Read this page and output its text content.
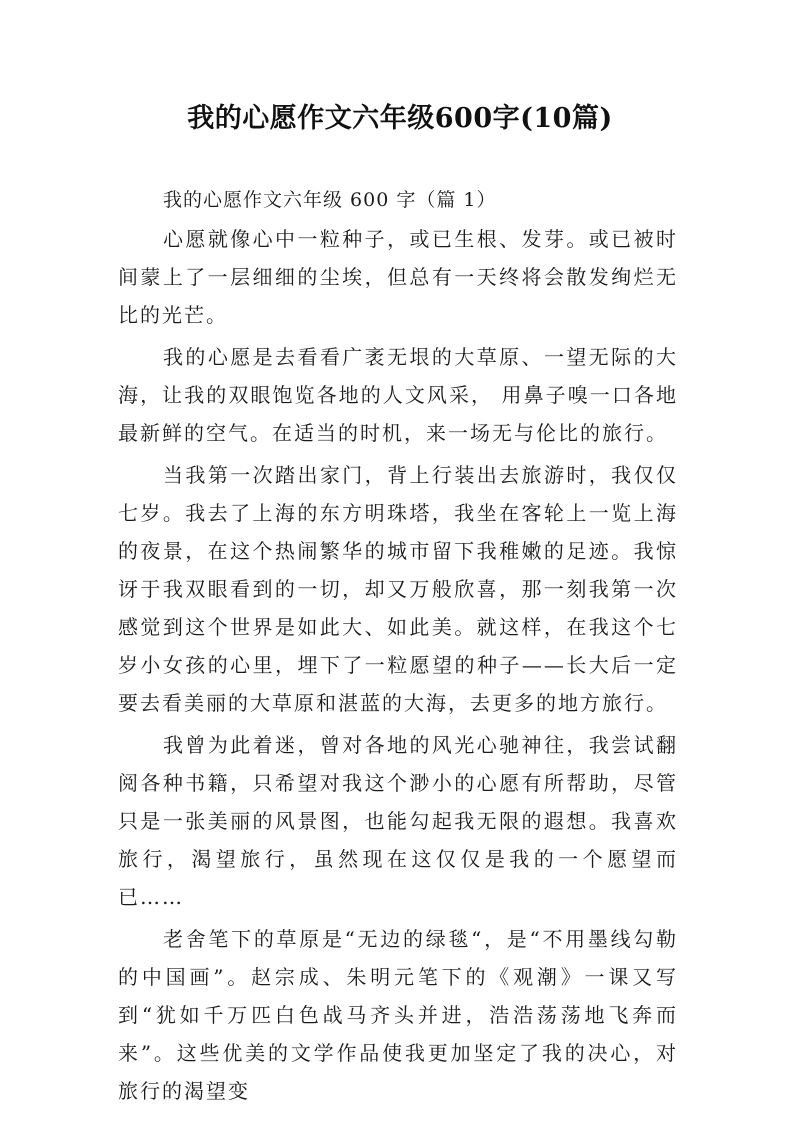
我的心愿作文六年级600字(10篇)

我的心愿作文六年级 600 字（篇 1）

心愿就像心中一粒种子，或已生根、发芽。或已被时间蒙上了一层细细的尘埃，但总有一天终将会散发绚烂无比的光芒。

我的心愿是去看看广袤无垠的大草原、一望无际的大海，让我的双眼饱览各地的人文风采， 用鼻子嗅一口各地最新鲜的空气。在适当的时机，来一场无与伦比的旅行。

当我第一次踏出家门，背上行装出去旅游时，我仅仅七岁。我去了上海的东方明珠塔，我坐在客轮上一览上海的夜景，在这个热闹繁华的城市留下我稚嫩的足迹。我惊讶于我双眼看到的一切，却又万般欣喜，那一刻我第一次感觉到这个世界是如此大、如此美。就这样，在我这个七岁小女孩的心里，埋下了一粒愿望的种子——长大后一定要去看美丽的大草原和湛蓝的大海，去更多的地方旅行。

我曾为此着迷，曾对各地的风光心驰神往，我尝试翻阅各种书籍，只希望对我这个渺小的心愿有所帮助，尽管只是一张美丽的风景图，也能勾起我无限的遐想。我喜欢旅行，渴望旅行，虽然现在这仅仅是我的一个愿望而已……

老舍笔下的草原是“无边的绿毯“，是“不用墨线勾勒的中国画”。赵宗成、朱明元笔下的《观潮》一课又写到“犹如千万匹白色战马齐头并进，浩浩荡荡地飞奔而来”。这些优美的文学作品使我更加坚定了我的决心，对旅行的渴望变
